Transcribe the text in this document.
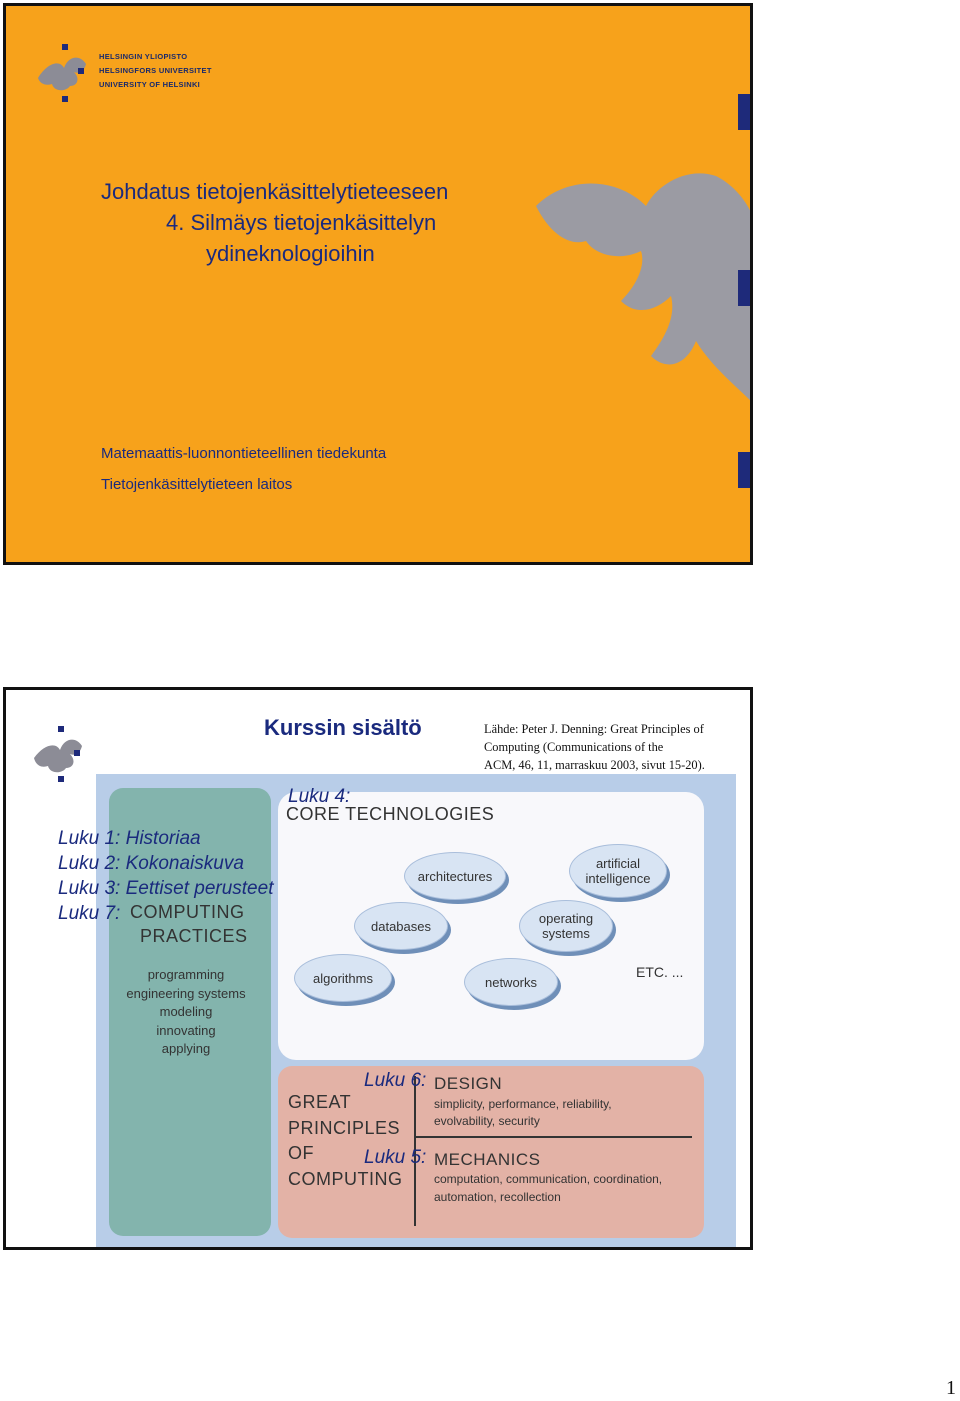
HELSINGIN YLIOPISTO
HELSINGFORS UNIVERSITET
UNIVERSITY OF HELSINKI
Johdatus tietojenkäsittelytieteeseen
4. Silmäys tietojenkäsittelyn
ydineknologioihin
Matemaattis-luonnontieteellinen tiedekunta
Tietojenkäsittelytieteen laitos
Kurssin sisältö	Lähde: Peter J. Denning: Great Principles of
Computing (Communications of the
ACM, 46, 11, marraskuu 2003, sivut 15-20).
CORE TECHNOLOGIES
COMPUTING
PRACTICES
programming
engineering systems
modeling
innovating
applying
architectures
artificial
intelligence
databases	operating
systems
algorithms	networks
ETC. ...
GREAT
PRINCIPLES
OF
COMPUTING
DESIGN
simplicity, performance, reliability,
evolvability, security
MECHANICS
computation, communication, coordination,
automation, recollection
Luku 4:
Luku 1: Historiaa
Luku 2: Kokonaiskuva
Luku 3: Eettiset perusteet
Luku 7:
Luku 6:
Luku 5:
1
